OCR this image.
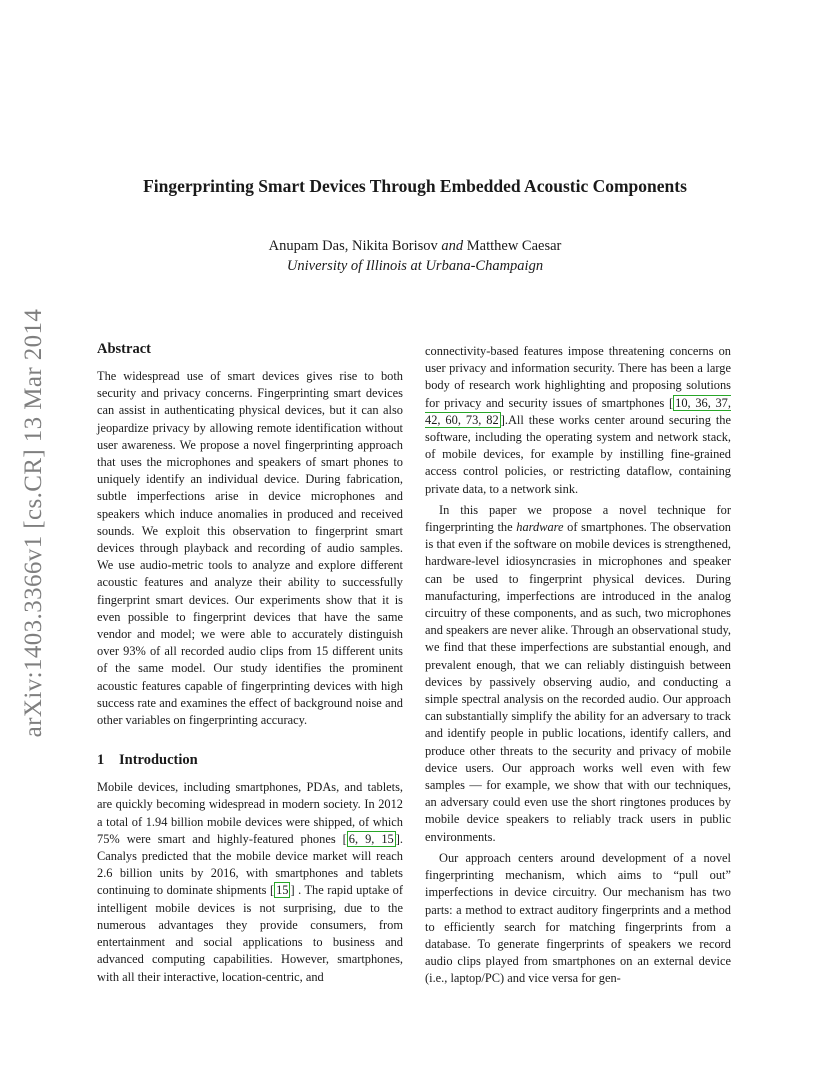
arXiv:1403.3366v1 [cs.CR] 13 Mar 2014
Fingerprinting Smart Devices Through Embedded Acoustic Components
Anupam Das, Nikita Borisov and Matthew Caesar
University of Illinois at Urbana-Champaign
Abstract

The widespread use of smart devices gives rise to both security and privacy concerns. Fingerprinting smart devices can assist in authenticating physical devices, but it can also jeopardize privacy by allowing remote identification without user awareness. We propose a novel fingerprinting approach that uses the microphones and speakers of smart phones to uniquely identify an individual device. During fabrication, subtle imperfections arise in device microphones and speakers which induce anomalies in produced and received sounds. We exploit this observation to fingerprint smart devices through playback and recording of audio samples. We use audio-metric tools to analyze and explore different acoustic features and analyze their ability to successfully fingerprint smart devices. Our experiments show that it is even possible to fingerprint devices that have the same vendor and model; we were able to accurately distinguish over 93% of all recorded audio clips from 15 different units of the same model. Our study identifies the prominent acoustic features capable of fingerprinting devices with high success rate and examines the effect of background noise and other variables on fingerprinting accuracy.

1 Introduction

Mobile devices, including smartphones, PDAs, and tablets, are quickly becoming widespread in modern society. In 2012 a total of 1.94 billion mobile devices were shipped, of which 75% were smart and highly-featured phones [ 6, 9, 15 ]. Canalys predicted that the mobile device market will reach 2.6 billion units by 2016, with smartphones and tablets continuing to dominate shipments [ 15 ] . The rapid uptake of intelligent mobile devices is not surprising, due to the numerous advantages they provide consumers, from entertainment and social applications to business and advanced computing capabilities. However, smartphones, with all their interactive, location-centric, and

connectivity-based features impose threatening concerns on user privacy and information security. There has been a large body of research work highlighting and proposing solutions for privacy and security issues of smartphones [ 10, 36, 37, 42, 60, 73, 82 ].All these works center around securing the software, including the operating system and network stack, of mobile devices, for example by instilling fine-grained access control policies, or restricting dataflow, containing private data, to a network sink.

In this paper we propose a novel technique for fingerprinting the hardware of smartphones. The observation is that even if the software on mobile devices is strengthened, hardware-level idiosyncrasies in microphones and speaker can be used to fingerprint physical devices. During manufacturing, imperfections are introduced in the analog circuitry of these components, and as such, two microphones and speakers are never alike. Through an observational study, we find that these imperfections are substantial enough, and prevalent enough, that we can reliably distinguish between devices by passively observing audio, and conducting a simple spectral analysis on the recorded audio. Our approach can substantially simplify the ability for an adversary to track and identify people in public locations, identify callers, and produce other threats to the security and privacy of mobile device users. Our approach works well even with few samples — for example, we show that with our techniques, an adversary could even use the short ringtones produces by mobile device speakers to reliably track users in public environments.

Our approach centers around development of a novel fingerprinting mechanism, which aims to “pull out” imperfections in device circuitry. Our mechanism has two parts: a method to extract auditory fingerprints and a method to efficiently search for matching fingerprints from a database. To generate fingerprints of speakers we record audio clips played from smartphones on an external device (i.e., laptop/PC) and vice versa for gen-
